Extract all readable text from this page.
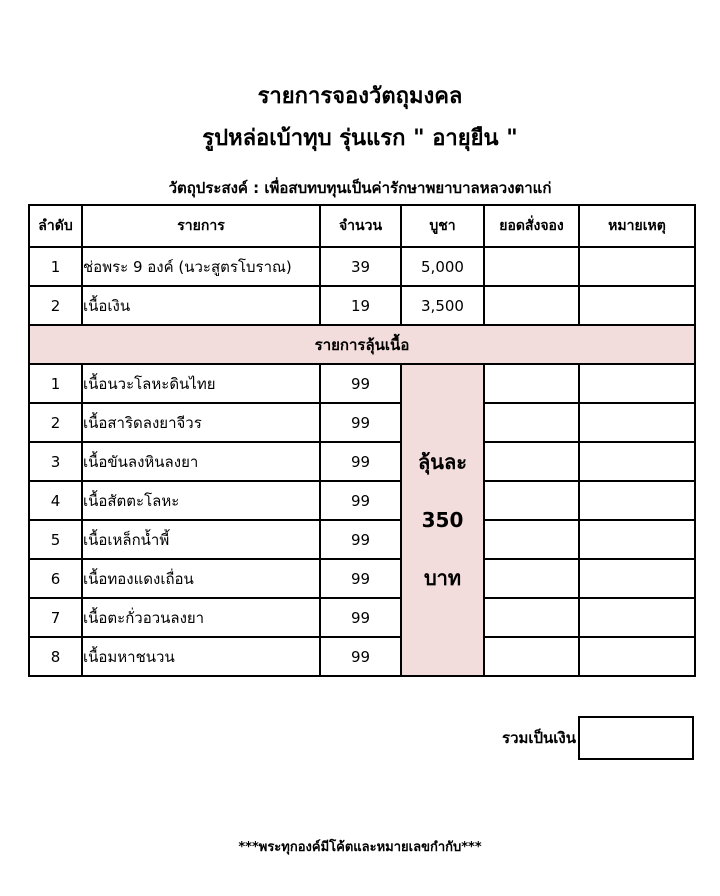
รายการจองวัตถุมงคล
รูปหล่อเบ้าทุบ รุ่นแรก " อายุยืน "
วัตถุประสงค์ : เพื่อสบทบทุนเป็นค่ารักษาพยาบาลหลวงตาแก่
ลำดับ	รายการ	จำนวน	บูชา	ยอดสั่งจอง	หมายเหตุ
1	ช่อพระ 9 องค์ (นวะสูตรโบราณ)	39	5,000		
2	เนื้อเงิน	19	3,500		
รายการลุ้นเนื้อ					
1	เนื้อนวะโลหะดินไทย	99	ลุ้นละ
350
บาท		

2	เนื้อสาริดลงยาจีวร	99			
3	เนื้อขันลงหินลงยา	99			
4	เนื้อสัตตะโลหะ	99			
5	เนื้อเหล็กน้ำพี้	99			
6	เนื้อทองแดงเถื่อน	99			
7	เนื้อตะกั่วอวนลงยา	99			
8	เนื้อมหาชนวน	99			
รวมเป็นเงิน
***พระทุกองค์มีโค้ตและหมายเลขกำกับ***
